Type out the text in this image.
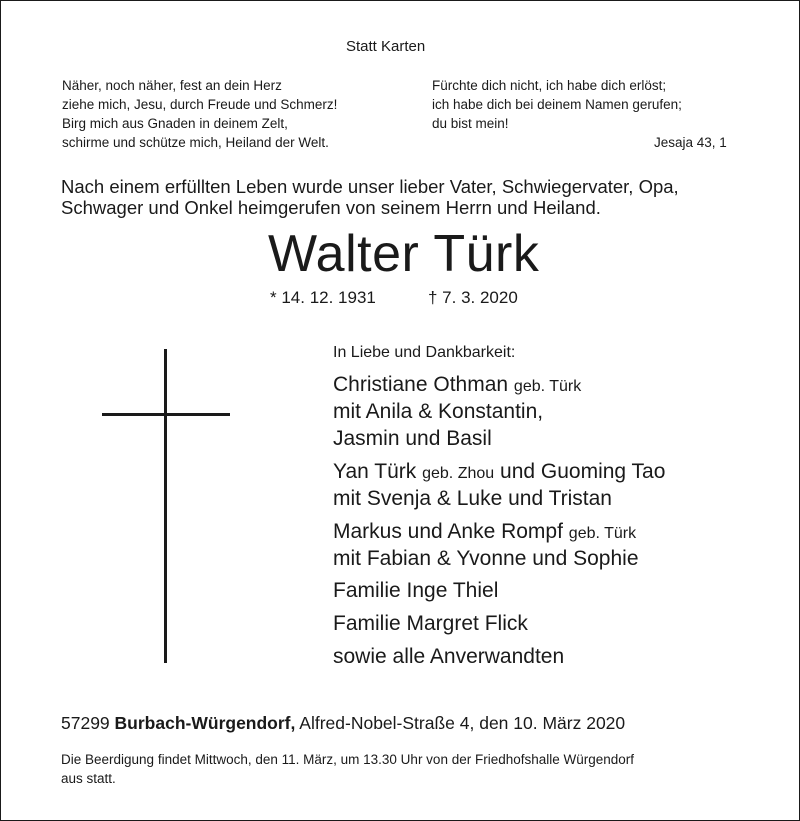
Statt Karten
Näher, noch näher, fest an dein Herz
ziehe mich, Jesu, durch Freude und Schmerz!
Birg mich aus Gnaden in deinem Zelt,
schirme und schütze mich, Heiland der Welt.
Fürchte dich nicht, ich habe dich erlöst;
ich habe dich bei deinem Namen gerufen;
du bist mein!
Jesaja 43, 1
Nach einem erfüllten Leben wurde unser lieber Vater, Schwiegervater, Opa,
Schwager und Onkel heimgerufen von seinem Herrn und Heiland.
Walter Türk
* 14. 12. 1931	† 7. 3. 2020
In Liebe und Dankbarkeit:
Christiane Othman geb. Türk
mit Anila & Konstantin,
Jasmin und Basil
Yan Türk geb. Zhou und Guoming Tao
mit Svenja & Luke und Tristan
Markus und Anke Rompf geb. Türk
mit Fabian & Yvonne und Sophie
Familie Inge Thiel
Familie Margret Flick
sowie alle Anverwandten
57299 Burbach-Würgendorf, Alfred-Nobel-Straße 4, den 10. März 2020
Die Beerdigung findet Mittwoch, den 11. März, um 13.30 Uhr von der Friedhofshalle Würgendorf
aus statt.
